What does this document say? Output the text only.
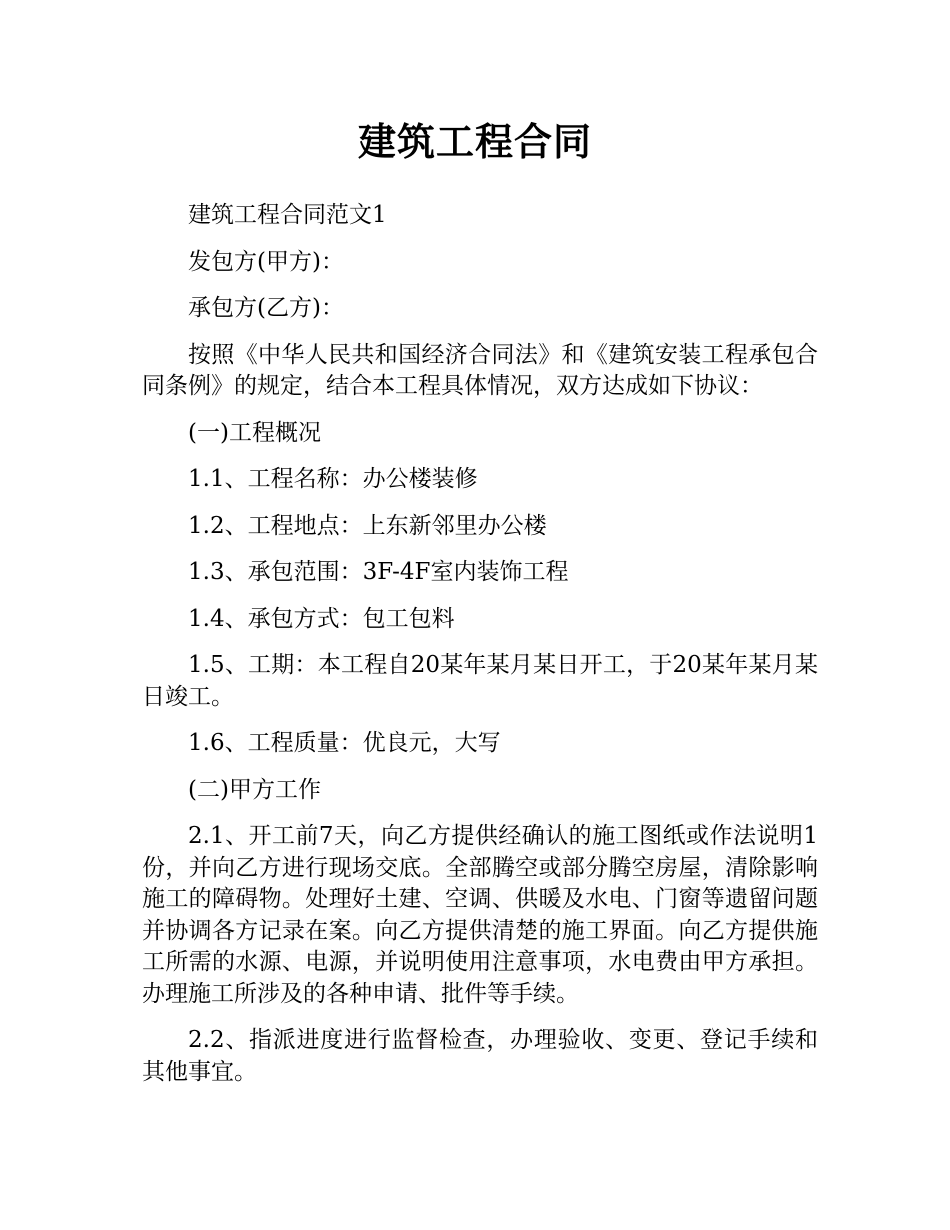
建筑工程合同

建筑工程合同范文1

发包方(甲方)：

承包方(乙方)：

按照《中华人民共和国经济合同法》和《建筑安装工程承包合同条例》的规定，结合本工程具体情况，双方达成如下协议：

(一)工程概况

1.1、工程名称：办公楼装修

1.2、工程地点：上东新邻里办公楼

1.3、承包范围：3F-4F室内装饰工程

1.4、承包方式：包工包料

1.5、工期：本工程自20某年某月某日开工，于20某年某月某日竣工。

1.6、工程质量：优良元，大写

(二)甲方工作

2.1、开工前7天，向乙方提供经确认的施工图纸或作法说明1份，并向乙方进行现场交底。全部腾空或部分腾空房屋，清除影响施工的障碍物。处理好土建、空调、供暖及水电、门窗等遗留问题并协调各方记录在案。向乙方提供清楚的施工界面。向乙方提供施工所需的水源、电源，并说明使用注意事项，水电费由甲方承担。办理施工所涉及的各种申请、批件等手续。

2.2、指派进度进行监督检查，办理验收、变更、登记手续和其他事宜。
